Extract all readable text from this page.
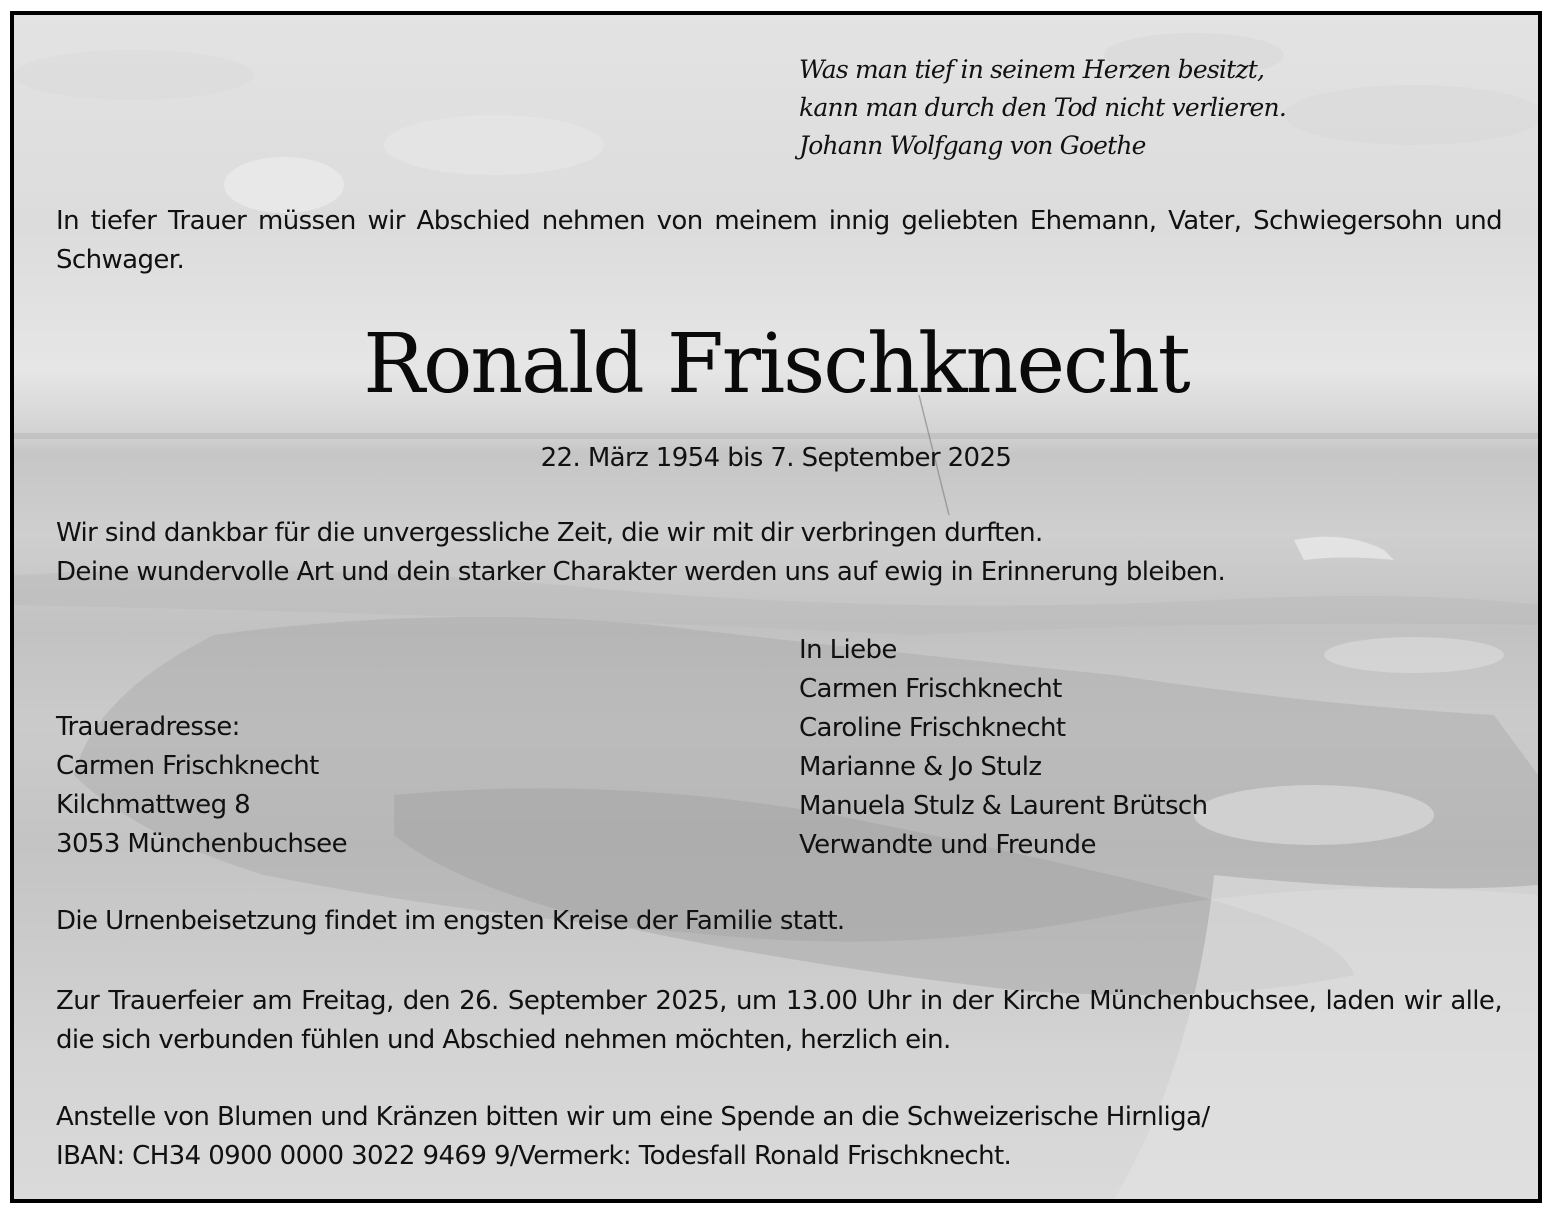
Was man tief in seinem Herzen besitzt,
kann man durch den Tod nicht verlieren.
Johann Wolfgang von Goethe

In tiefer Trauer müssen wir Abschied nehmen von meinem innig geliebten Ehemann, Vater, Schwiegersohn und Schwager.

Ronald Frischknecht
22. März 1954 bis 7. September 2025
Wir sind dankbar für die unvergessliche Zeit, die wir mit dir verbringen durften.
Deine wundervolle Art und dein starker Charakter werden uns auf ewig in Erinnerung bleiben.
Traueradresse:
Carmen Frischknecht
Kilchmattweg 8
3053 Münchenbuchsee
In Liebe
Carmen Frischknecht
Caroline Frischknecht
Marianne & Jo Stulz
Manuela Stulz & Laurent Brütsch
Verwandte und Freunde

Die Urnenbeisetzung findet im engsten Kreise der Familie statt.

Zur Trauerfeier am Freitag, den 26. September 2025, um 13.00 Uhr in der Kirche Münchenbuchsee, laden wir alle, die sich verbunden fühlen und Abschied nehmen möchten, herzlich ein.

Anstelle von Blumen und Kränzen bitten wir um eine Spende an die Schweizerische Hirnliga/
IBAN: CH34 0900 0000 3022 9469 9/Vermerk: Todesfall Ronald Frischknecht.
